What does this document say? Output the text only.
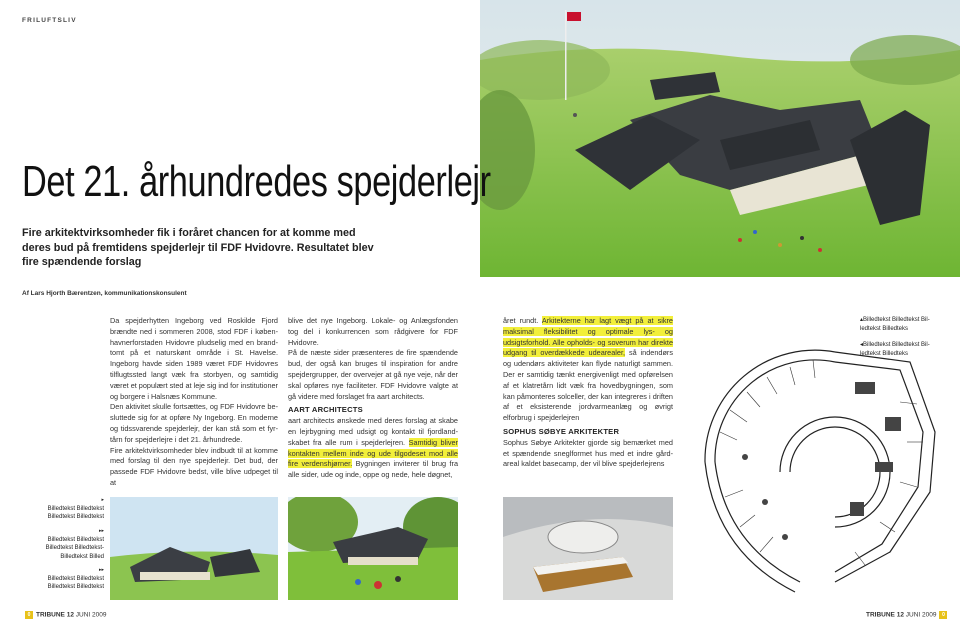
FRILUFTSLIV
Det 21. århundredes spejderlejr
Fire arkitektvirksomheder fik i foråret chancen for at komme med deres bud på fremtidens spejderlejr til FDF Hvidovre. Resultatet blev fire spændende forslag
Af Lars Hjorth Bærentzen, kommunikationskonsulent

Da spejderhytten Ingeborg ved Roskilde Fjord brændte ned i sommeren 2008, stod FDF i københavnerforstaden Hvidovre pludselig med en brandtomt på et naturskønt område i St. Havelse. Ingeborg havde siden 1989 været FDF Hvidovres tilflugtssted langt væk fra storbyen, og samtidig været et populært sted at leje sig ind for institutioner og borgere i Halsnæs Kommune.

Den aktivitet skulle fortsættes, og FDF Hvidovre besluttede sig for at opføre Ny Ingeborg. En moderne og tidssvarende spejderlejr, der kan stå som et fyrtårn for spejderlejre i det 21. århundrede.

Fire arkitektvirksomheder blev indbudt til at komme med forslag til den nye spejderlejr. Det bud, der passede FDF Hvidovre bedst, ville blive udpeget til at

blive det nye Ingeborg. Lokale- og Anlægsfonden tog del i konkurrencen som rådgivere for FDF Hvidovre.

På de næste sider præsenteres de fire spændende bud, der også kan bruges til inspiration for andre spejdergrupper, der overvejer at gå nye veje, når der skal opføres nye faciliteter. FDF Hvidovre valgte at gå videre med forslaget fra aart architects.

AART ARCHITECTS

aart architects ønskede med deres forslag at skabe en lejrbygning med udsigt og kontakt til fjordlandskabet fra alle rum i spejderlejren. Samtidig bliver kontakten mellem inde og ude tilgodeset mod alle fire verdenshjørner. Bygningen inviterer til brug fra alle sider, ude og inde, oppe og nede, hele døgnet,

året rundt. Arkitekterne har lagt vægt på at sikre maksimal fleksibilitet og optimale lys- og udsigtsforhold. Alle opholds- og soverum har direkte udgang til overdækkede udearealer, så indendørs og udendørs aktiviteter kan flyde naturligt sammen. Der er samtidig tænkt energivenligt med opførelsen af et klatretårn lidt væk fra hovedbygningen, som kan påmonteres solceller, der kan integreres i driften af et eksisterende jordvarmeanlæg og øvrigt elforbrug i spejderlejren

SOPHUS SØBYE ARKITEKTER

Sophus Søbye Arkitekter gjorde sig bemærket med et spændende sneglformet hus med et indre gårdareal kaldet basecamp, der vil blive spejderlejrens

▸
Billedtekst Billedtekst Billedtekst Billedtekst
▸▸
Billedtekst Billedtekst Billedtekst Billedtekst- Billedtekst Billed
▸▸
Billedtekst Billedtekst Billedtekst Billedtekst
▴Billedtekst Billedtekst Billedtekst Billedteks
◂Billedtekst Billedtekst Billedtekst Billedteks
0 TRIBUNE 12 JUNI 2009	TRIBUNE 12 JUNI 2009 0
